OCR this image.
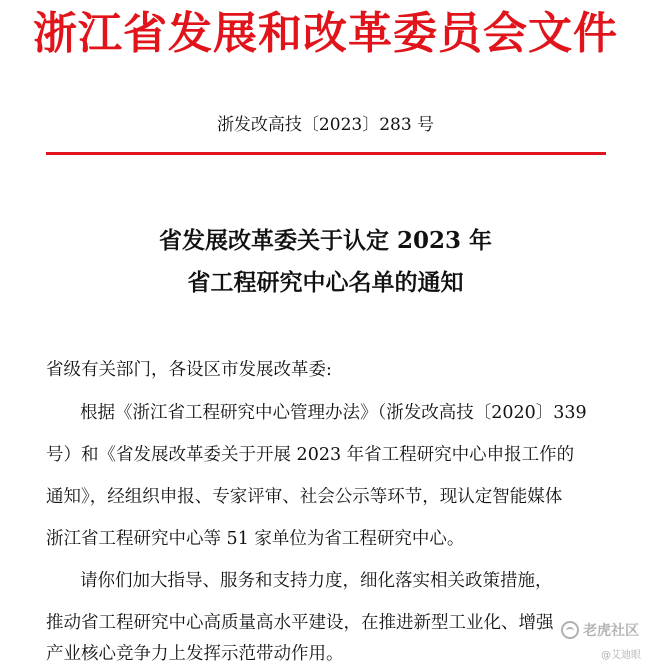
浙江省发展和改革委员会文件
浙发改高技〔2023〕283 号
省发展改革委关于认定 2023 年
省工程研究中心名单的通知
省级有关部门，各设区市发展改革委:
根据《浙江省工程研究中心管理办法》（浙发改高技〔2020〕339
号）和《省发展改革委关于开展 2023 年省工程研究中心申报工作的
通知》，经组织申报、专家评审、社会公示等环节，现认定智能媒体
浙江省工程研究中心等 51 家单位为省工程研究中心。
请你们加大指导、服务和支持力度，细化落实相关政策措施，
推动省工程研究中心高质量高水平建设，在推进新型工业化、增强
产业核心竞争力上发挥示范带动作用。
老虎社区
@艾迪眼
